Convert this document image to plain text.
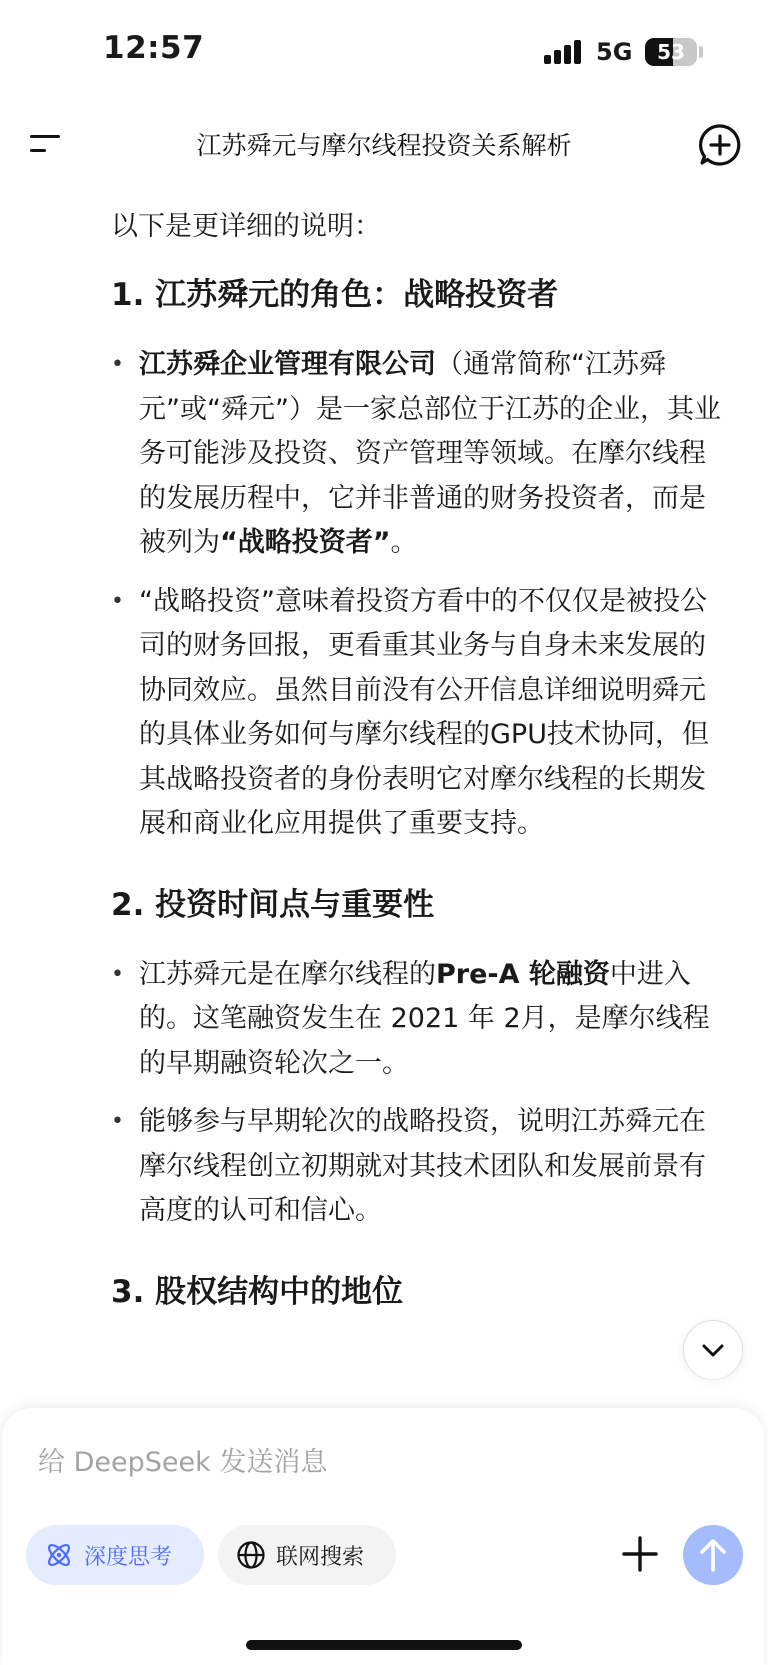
12:57	5G	53
江苏舜元与摩尔线程投资关系解析

以下是更详细的说明：

1. 江苏舜元的角色：战略投资者
• 江苏舜企业管理有限公司（通常简称“江苏舜元”或“舜元”）是一家总部位于江苏的企业，其业务可能涉及投资、资产管理等领域。在摩尔线程的发展历程中，它并非普通的财务投资者，而是被列为“战略投资者”。
• “战略投资”意味着投资方看中的不仅仅是被投公司的财务回报，更看重其业务与自身未来发展的协同效应。虽然目前没有公开信息详细说明舜元的具体业务如何与摩尔线程的GPU技术协同，但其战略投资者的身份表明它对摩尔线程的长期发展和商业化应用提供了重要支持。
2. 投资时间点与重要性
• 江苏舜元是在摩尔线程的Pre-A 轮融资中进入的。这笔融资发生在 2021 年 2月，是摩尔线程的早期融资轮次之一。
• 能够参与早期轮次的战略投资，说明江苏舜元在摩尔线程创立初期就对其技术团队和发展前景有高度的认可和信心。
3. 股权结构中的地位
给 DeepSeek 发送消息
深度思考	联网搜索
